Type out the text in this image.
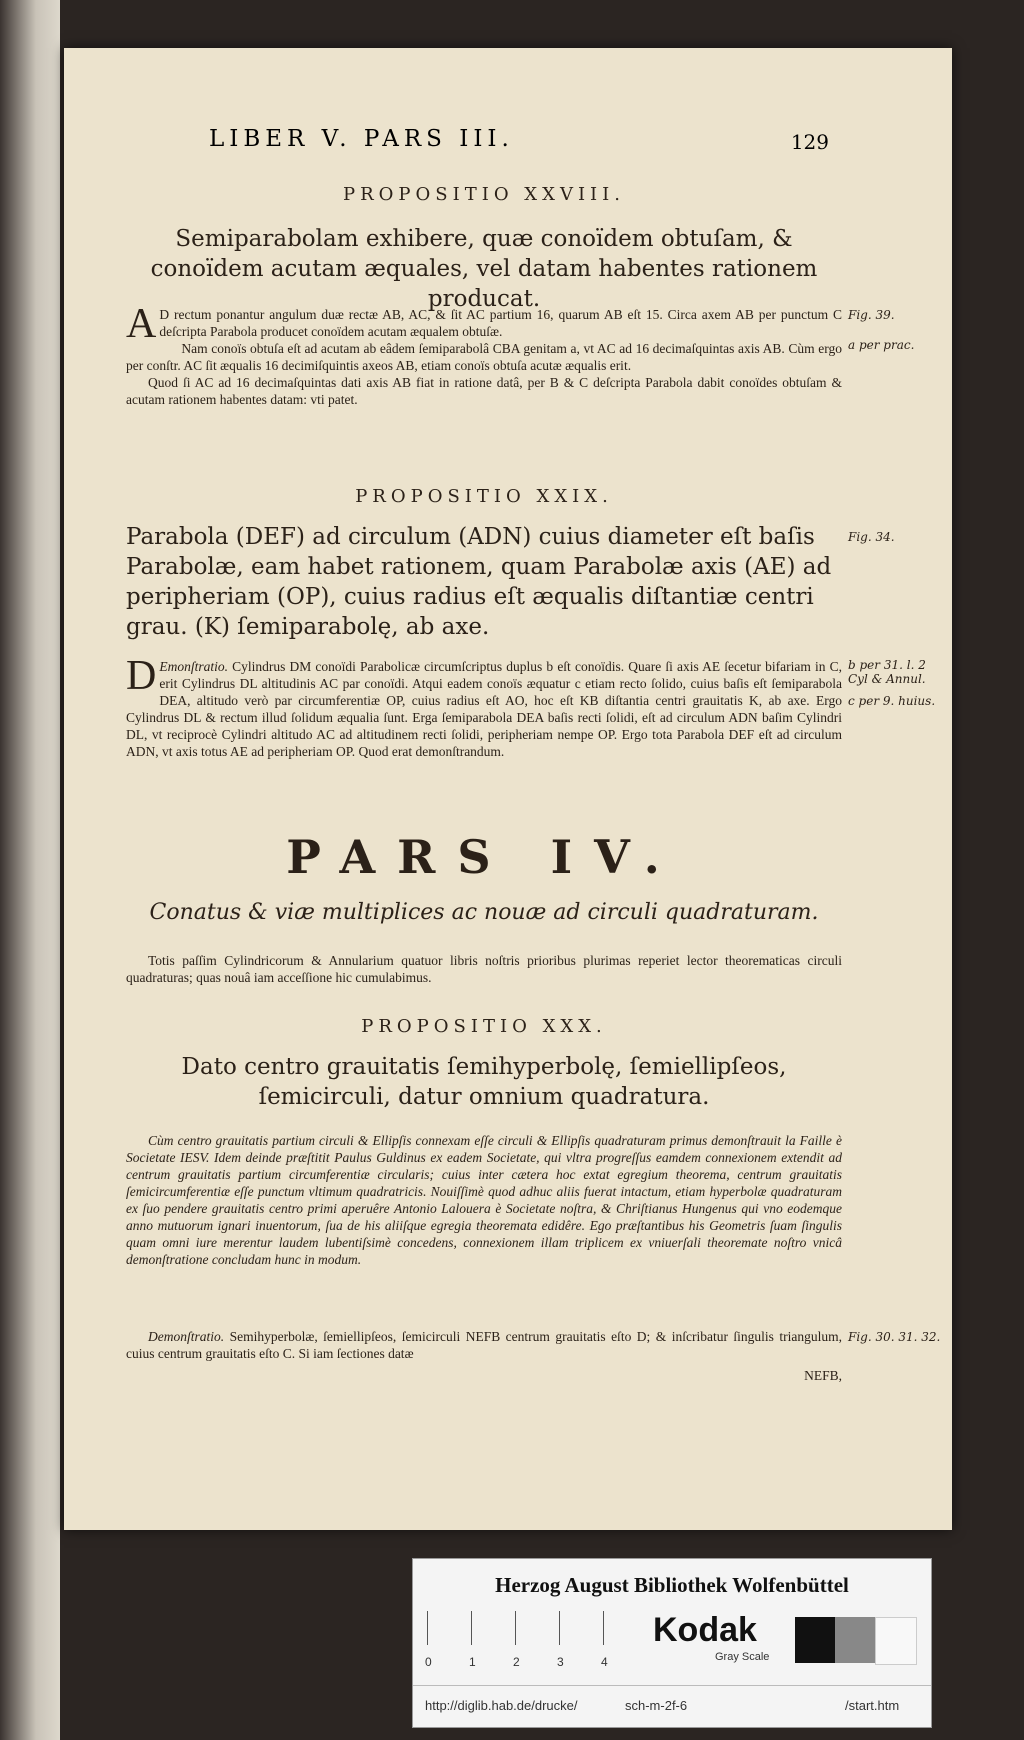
LIBER V. PARS III.	129
PROPOSITIO XXVIII.
Semiparabolam exhibere, quæ conoïdem obtuſam, & conoïdem acutam æquales, vel datam habentes rationem producat.

A D rectum ponantur angulum duæ rectæ AB, AC, & ſit AC partium 16, quarum AB eſt 15. Circa axem AB per punctum C deſcripta Parabola producet conoïdem acutam æqualem obtuſæ.

Nam conoïs obtuſa eſt ad acutam ab eâdem ſemiparabolâ CBA genitam a, vt AC ad 16 decimaſquintas axis AB. Cùm ergo per conſtr. AC ſit æqualis 16 decimiſquintis axeos AB, etiam conoïs obtuſa acutæ æqualis erit.

Quod ſi AC ad 16 decimaſquintas dati axis AB fiat in ratione datâ, per B & C deſcripta Parabola dabit conoïdes obtuſam & acutam rationem habentes datam: vti patet.

PROPOSITIO XXIX.
Parabola (DEF) ad circulum (ADN) cuius diameter eſt baſis Parabolæ, eam habet rationem, quam Parabolæ axis (AE) ad peripheriam (OP), cuius radius eſt æqualis diſtantiæ centri grau. (K) ſemiparabolę, ab axe.

D Emonſtratio. Cylindrus DM conoïdi Parabolicæ circumſcriptus duplus b eſt conoïdis. Quare ſi axis AE ſecetur bifariam in C, erit Cylindrus DL altitudinis AC par conoïdi. Atqui eadem conoïs æquatur c etiam recto ſolido, cuius baſis eſt ſemiparabola DEA, altitudo verò par circumferentiæ OP, cuius radius eſt AO, hoc eſt KB diſtantia centri grauitatis K, ab axe. Ergo Cylindrus DL & rectum illud ſolidum æqualia ſunt. Erga ſemiparabola DEA baſis recti ſolidi, eſt ad circulum ADN baſim Cylindri DL, vt reciprocè Cylindri altitudo AC ad altitudinem recti ſolidi, peripheriam nempe OP. Ergo tota Parabola DEF eſt ad circulum ADN, vt axis totus AE ad peripheriam OP. Quod erat demonſtrandum.

PARS IV.
Conatus & viæ multiplices ac nouæ ad circuli quadraturam.

Totis paſſim Cylindricorum & Annularium quatuor libris noſtris prioribus plurimas reperiet lector theorematicas circuli quadraturas; quas nouâ iam acceſſione hic cumulabimus.

PROPOSITIO XXX.
Dato centro grauitatis ſemihyperbolę, ſemiellipſeos, ſemicirculi, datur omnium quadratura.

Cùm centro grauitatis partium circuli & Ellipſis connexam eſſe circuli & Ellipſis quadraturam primus demonſtrauit la Faille è Societate IESV. Idem deinde præſtitit Paulus Guldinus ex eadem Societate, qui vltra progreſſus eamdem connexionem extendit ad centrum grauitatis partium circumferentiæ circularis; cuius inter cætera hoc extat egregium theorema, centrum grauitatis ſemicircumferentiæ eſſe punctum vltimum quadratricis. Nouiſſimè quod adhuc aliis fuerat intactum, etiam hyperbolæ quadraturam ex ſuo pendere grauitatis centro primi aperuêre Antonio Lalouera è Societate noſtra, & Chriſtianus Hungenus qui vno eodemque anno mutuorum ignari inuentorum, ſua de his aliiſque egregia theoremata edidêre. Ego præſtantibus his Geometris ſuam ſingulis quam omni iure merentur laudem lubentiſsimè concedens, connexionem illam triplicem ex vniuerſali theoremate noſtro vnicâ demonſtratione concludam hunc in modum.

Demonſtratio. Semihyperbolæ, ſemiellipſeos, ſemicirculi NEFB centrum grauitatis eſto D; & inſcribatur ſingulis triangulum, cuius centrum grauitatis eſto C. Si iam ſectiones datæ

NEFB,
Fig. 39.
a per prac.
Fig. 34.
b per 31. l. 2 Cyl & Annul.
c per 9. huius.
Fig. 30. 31. 32.
Herzog August Bibliothek Wolfenbüttel
0	1	2	3	4
Kodak
Gray Scale
http://diglib.hab.de/drucke/	sch-m-2f-6	/start.htm
